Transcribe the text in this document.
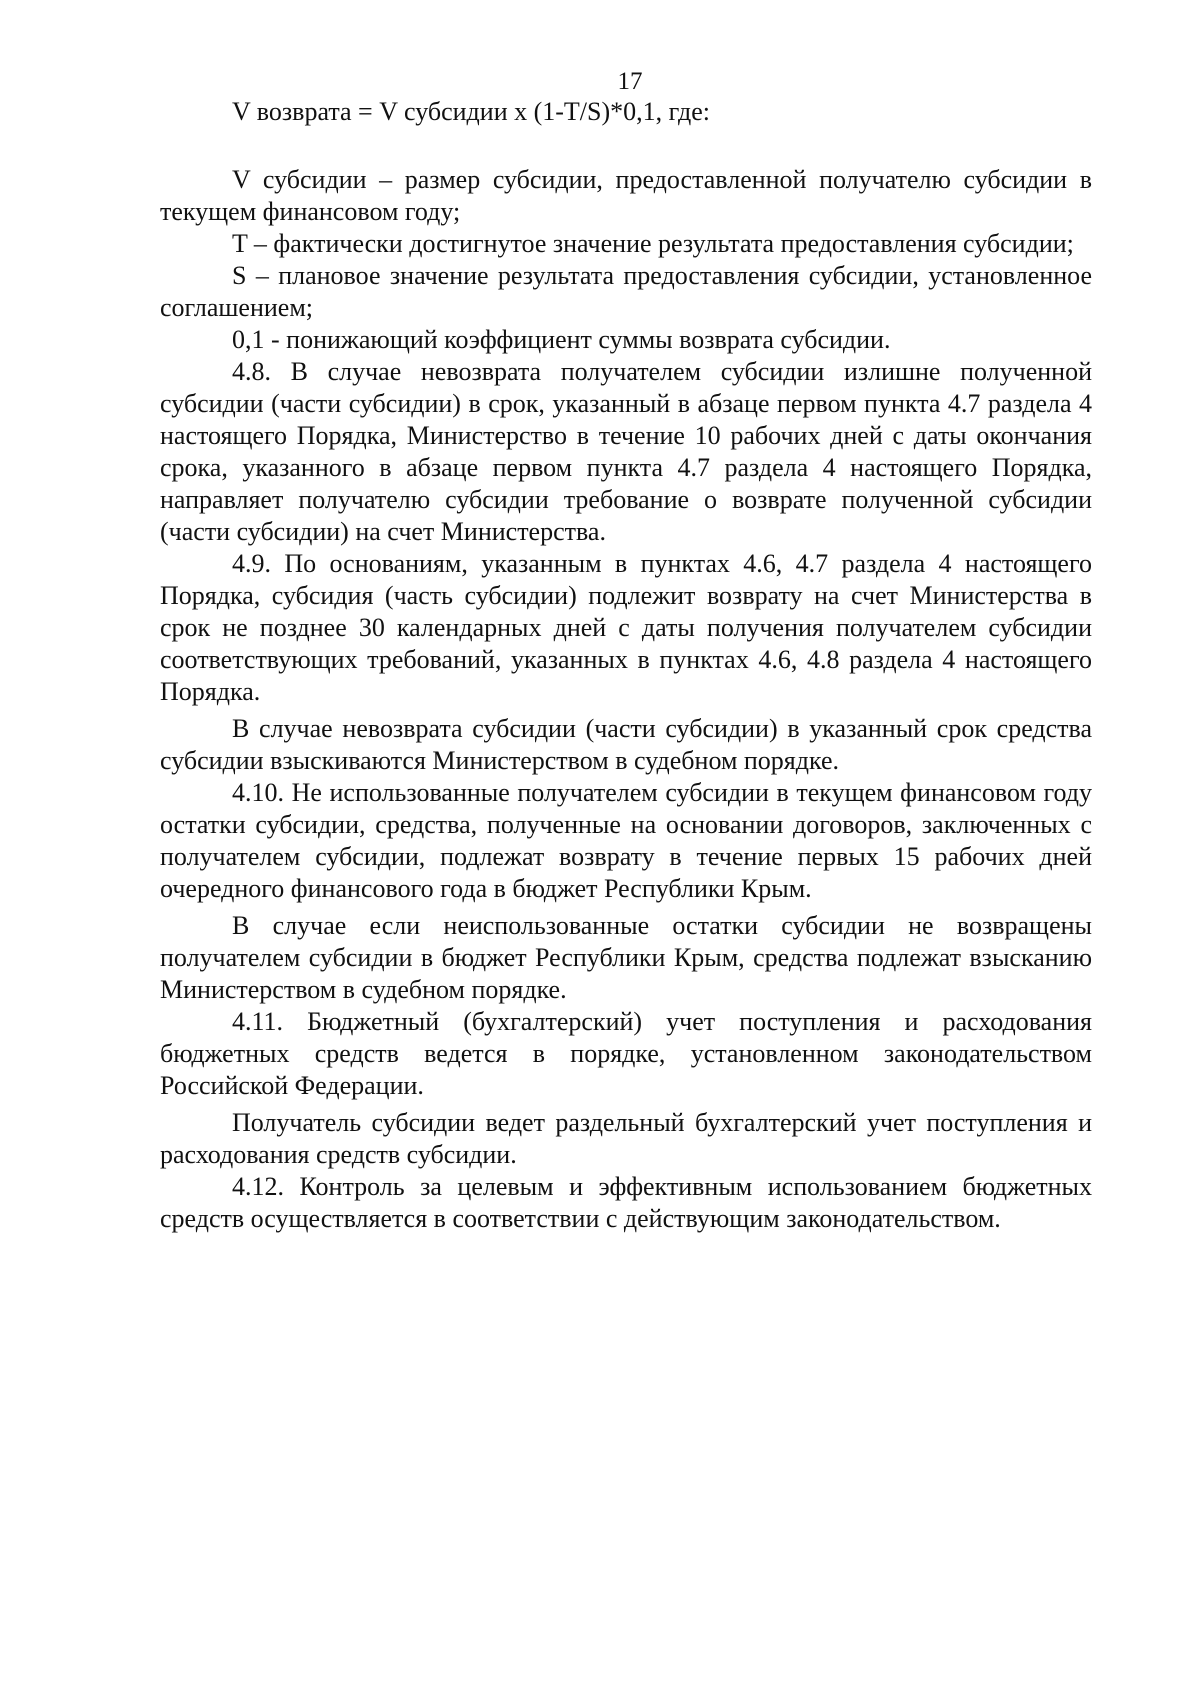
17
V возврата = V субсидии x (1-T/S)*0,1, где:

V субсидии – размер субсидии, предоставленной получателю субсидии в текущем финансовом году;

T – фактически достигнутое значение результата предоставления субсидии;

S – плановое значение результата предоставления субсидии, установленное соглашением;

0,1 - понижающий коэффициент суммы возврата субсидии.

4.8. В случае невозврата получателем субсидии излишне полученной субсидии (части субсидии) в срок, указанный в абзаце первом пункта 4.7 раздела 4 настоящего Порядка, Министерство в течение 10 рабочих дней с даты окончания срока, указанного в абзаце первом пункта 4.7 раздела 4 настоящего Порядка, направляет получателю субсидии требование о возврате полученной субсидии (части субсидии) на счет Министерства.

4.9. По основаниям, указанным в пунктах 4.6, 4.7 раздела 4 настоящего Порядка, субсидия (часть субсидии) подлежит возврату на счет Министерства в срок не позднее 30 календарных дней с даты получения получателем субсидии соответствующих требований, указанных в пунктах 4.6, 4.8 раздела 4 настоящего Порядка.

В случае невозврата субсидии (части субсидии) в указанный срок средства субсидии взыскиваются Министерством в судебном порядке.

4.10. Не использованные получателем субсидии в текущем финансовом году остатки субсидии, средства, полученные на основании договоров, заключенных с получателем субсидии, подлежат возврату в течение первых 15 рабочих дней очередного финансового года в бюджет Республики Крым.

В случае если неиспользованные остатки субсидии не возвращены получателем субсидии в бюджет Республики Крым, средства подлежат взысканию Министерством в судебном порядке.

4.11. Бюджетный (бухгалтерский) учет поступления и расходования бюджетных средств ведется в порядке, установленном законодательством Российской Федерации.

Получатель субсидии ведет раздельный бухгалтерский учет поступления и расходования средств субсидии.

4.12. Контроль за целевым и эффективным использованием бюджетных средств осуществляется в соответствии с действующим законодательством.
